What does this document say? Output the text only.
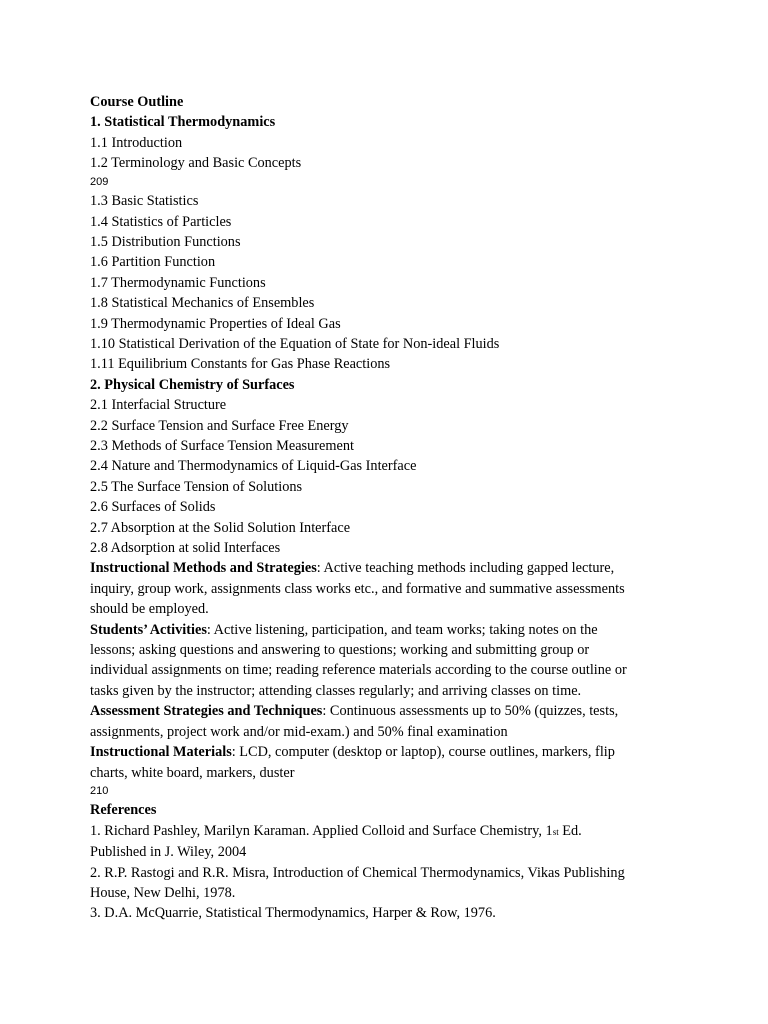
Course Outline
1. Statistical Thermodynamics
1.1 Introduction
1.2 Terminology and Basic Concepts
209
1.3 Basic Statistics
1.4 Statistics of Particles
1.5 Distribution Functions
1.6 Partition Function
1.7 Thermodynamic Functions
1.8 Statistical Mechanics of Ensembles
1.9 Thermodynamic Properties of Ideal Gas
1.10 Statistical Derivation of the Equation of State for Non-ideal Fluids
1.11 Equilibrium Constants for Gas Phase Reactions
2. Physical Chemistry of Surfaces
2.1 Interfacial Structure
2.2 Surface Tension and Surface Free Energy
2.3 Methods of Surface Tension Measurement
2.4 Nature and Thermodynamics of Liquid-Gas Interface
2.5 The Surface Tension of Solutions
2.6 Surfaces of Solids
2.7 Absorption at the Solid Solution Interface
2.8 Adsorption at solid Interfaces
Instructional Methods and Strategies: Active teaching methods including gapped lecture,
inquiry, group work, assignments class works etc., and formative and summative assessments
should be employed.
Students’ Activities: Active listening, participation, and team works; taking notes on the
lessons; asking questions and answering to questions; working and submitting group or
individual assignments on time; reading reference materials according to the course outline or
tasks given by the instructor; attending classes regularly; and arriving classes on time.
Assessment Strategies and Techniques: Continuous assessments up to 50% (quizzes, tests,
assignments, project work and/or mid-exam.) and 50% final examination
Instructional Materials: LCD, computer (desktop or laptop), course outlines, markers, flip
charts, white board, markers, duster
210
References
1. Richard Pashley, Marilyn Karaman. Applied Colloid and Surface Chemistry, 1st Ed.
Published in J. Wiley, 2004
2. R.P. Rastogi and R.R. Misra, Introduction of Chemical Thermodynamics, Vikas Publishing
House, New Delhi, 1978.
3. D.A. McQuarrie, Statistical Thermodynamics, Harper & Row, 1976.
